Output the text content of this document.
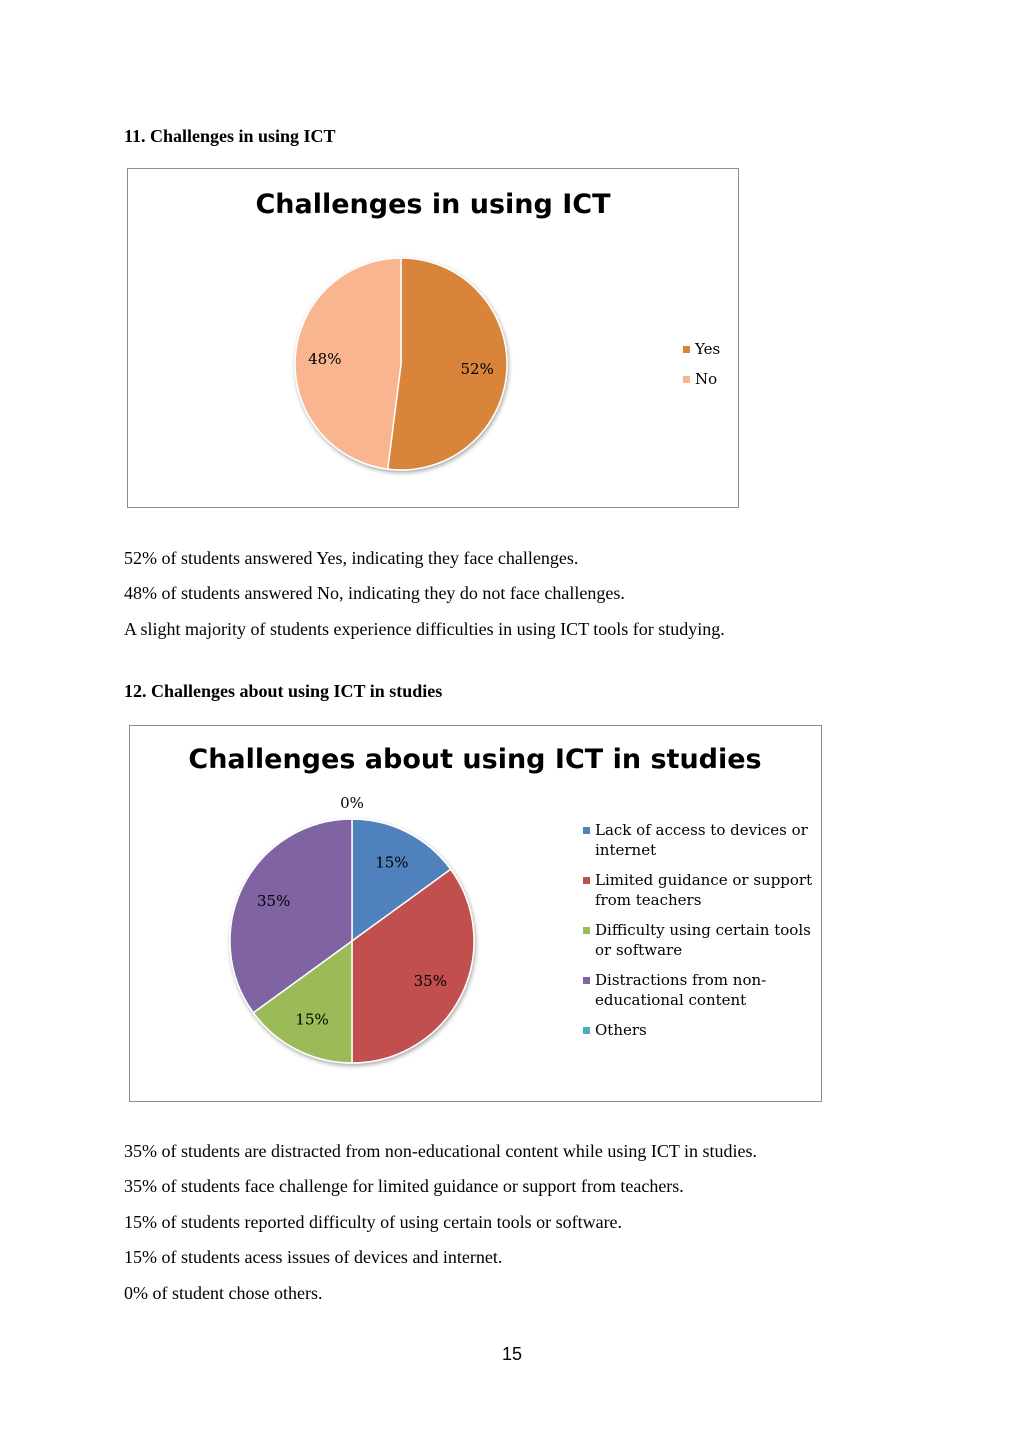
11. Challenges in using ICT
Challenges in using ICT
52%
48%
Yes
No
52% of students answered Yes, indicating they face challenges.
48% of students answered No, indicating they do not face challenges.
A slight majority of students experience difficulties in using ICT tools for studying.
12. Challenges about using ICT in studies
Challenges about using ICT in studies
15%
35%
15%
35%
0%
Lack of access to devices or
internet
Limited guidance or support
from teachers
Difficulty using certain tools
or software
Distractions from non-
educational content
Others
35% of students are distracted from non-educational content while using ICT in studies.
35% of students face challenge for limited guidance or support from teachers.
15% of students reported difficulty of using certain tools or software.
15% of students acess issues of devices and internet.
0% of student chose others.
15
